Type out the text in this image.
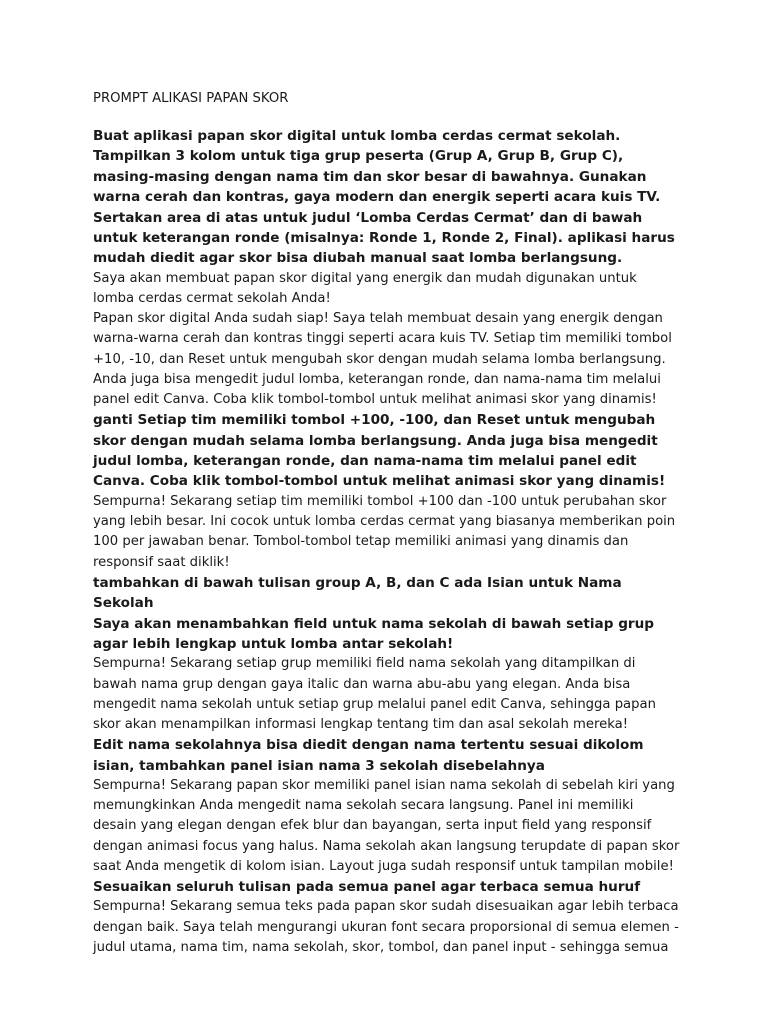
PROMPT ALIKASI PAPAN SKOR

Buat aplikasi papan skor digital untuk lomba cerdas cermat sekolah. Tampilkan 3 kolom untuk tiga grup peserta (Grup A, Grup B, Grup C), masing-masing dengan nama tim dan skor besar di bawahnya. Gunakan warna cerah dan kontras, gaya modern dan energik seperti acara kuis TV. Sertakan area di atas untuk judul ‘Lomba Cerdas Cermat’ dan di bawah untuk keterangan ronde (misalnya: Ronde 1, Ronde 2, Final). aplikasi harus mudah diedit agar skor bisa diubah manual saat lomba berlangsung.

Saya akan membuat papan skor digital yang energik dan mudah digunakan untuk lomba cerdas cermat sekolah Anda!

Papan skor digital Anda sudah siap! Saya telah membuat desain yang energik dengan warna-warna cerah dan kontras tinggi seperti acara kuis TV. Setiap tim memiliki tombol +10, -10, dan Reset untuk mengubah skor dengan mudah selama lomba berlangsung. Anda juga bisa mengedit judul lomba, keterangan ronde, dan nama-nama tim melalui panel edit Canva. Coba klik tombol-tombol untuk melihat animasi skor yang dinamis!

ganti Setiap tim memiliki tombol +100, -100, dan Reset untuk mengubah skor dengan mudah selama lomba berlangsung. Anda juga bisa mengedit judul lomba, keterangan ronde, dan nama-nama tim melalui panel edit Canva. Coba klik tombol-tombol untuk melihat animasi skor yang dinamis!

Sempurna! Sekarang setiap tim memiliki tombol +100 dan -100 untuk perubahan skor yang lebih besar. Ini cocok untuk lomba cerdas cermat yang biasanya memberikan poin 100 per jawaban benar. Tombol-tombol tetap memiliki animasi yang dinamis dan responsif saat diklik!

tambahkan di bawah tulisan group A, B, dan C ada Isian untuk Nama Sekolah

Saya akan menambahkan field untuk nama sekolah di bawah setiap grup agar lebih lengkap untuk lomba antar sekolah!

Sempurna! Sekarang setiap grup memiliki field nama sekolah yang ditampilkan di bawah nama grup dengan gaya italic dan warna abu-abu yang elegan. Anda bisa mengedit nama sekolah untuk setiap grup melalui panel edit Canva, sehingga papan skor akan menampilkan informasi lengkap tentang tim dan asal sekolah mereka!

Edit nama sekolahnya bisa diedit dengan nama tertentu sesuai dikolom isian, tambahkan panel isian nama 3 sekolah disebelahnya

Sempurna! Sekarang papan skor memiliki panel isian nama sekolah di sebelah kiri yang memungkinkan Anda mengedit nama sekolah secara langsung. Panel ini memiliki desain yang elegan dengan efek blur dan bayangan, serta input field yang responsif dengan animasi focus yang halus. Nama sekolah akan langsung terupdate di papan skor saat Anda mengetik di kolom isian. Layout juga sudah responsif untuk tampilan mobile!

Sesuaikan seluruh tulisan pada semua panel agar terbaca semua huruf

Sempurna! Sekarang semua teks pada papan skor sudah disesuaikan agar lebih terbaca dengan baik. Saya telah mengurangi ukuran font secara proporsional di semua elemen - judul utama, nama tim, nama sekolah, skor, tombol, dan panel input - sehingga semua
